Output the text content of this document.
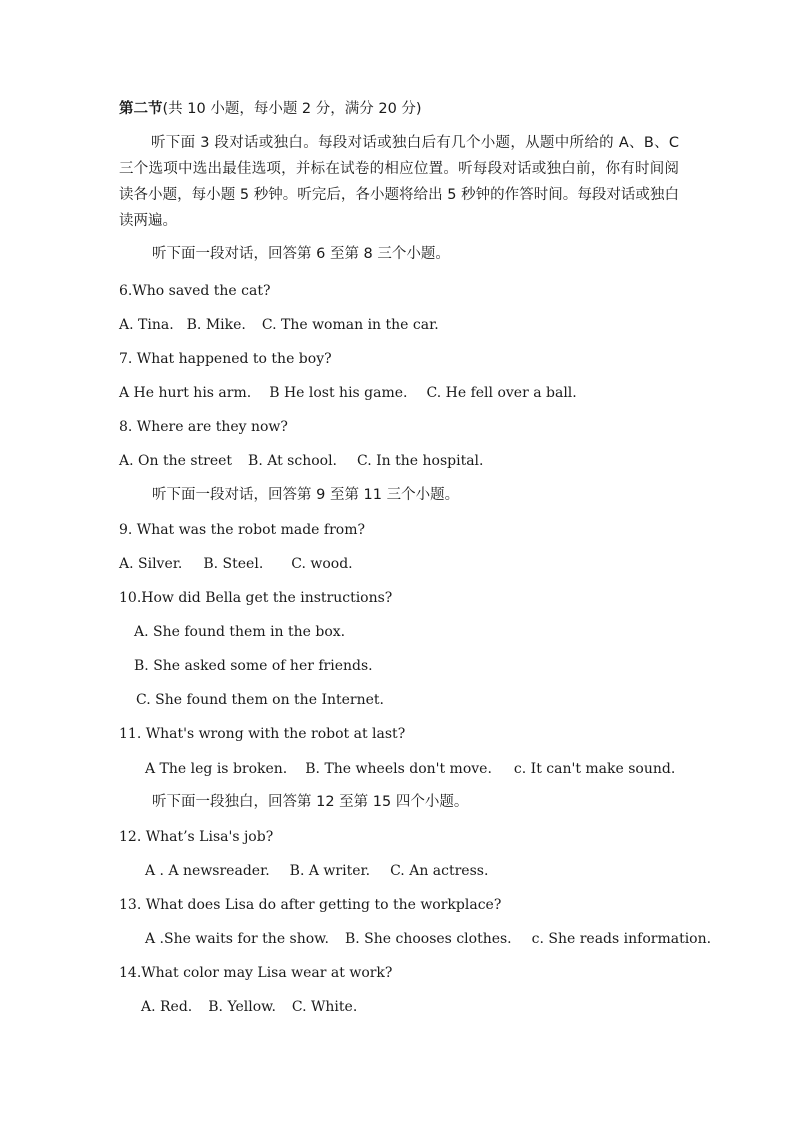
第二节(共 10 小题，每小题 2 分，满分 20 分)
听下面 3 段对话或独白。每段对话或独白后有几个小题，从题中所给的 A、B、C 三个选项中选出最佳选项，并标在试卷的相应位置。听每段对话或独白前，你有时间阅读各小题，每小题 5 秒钟。听完后，各小题将给出 5 秒钟的作答时间。每段对话或独白读两遍。
听下面一段对话，回答第 6 至第 8 三个小题。
6.Who saved the cat?
A. Tina. B. Mike. C. The woman in the car.
7. What happened to the boy?
A He hurt his arm. B He lost his game. C. He fell over a ball.
8. Where are they now?
A. On the street B. At school. C. In the hospital.
听下面一段对话，回答第 9 至第 11 三个小题。
9. What was the robot made from?
A. Silver. B. Steel. C. wood.
10.How did Bella get the instructions?
A. She found them in the box.
B. She asked some of her friends.
C. She found them on the Internet.
11. What's wrong with the robot at last?
A The leg is broken. B. The wheels don't move. c. It can't make sound.
听下面一段独白，回答第 12 至第 15 四个小题。
12. What’s Lisa's job?
A . A newsreader. B. A writer. C. An actress.
13. What does Lisa do after getting to the workplace?
A .She waits for the show. B. She chooses clothes. c. She reads information.
14.What color may Lisa wear at work?
A. Red. B. Yellow. C. White.
